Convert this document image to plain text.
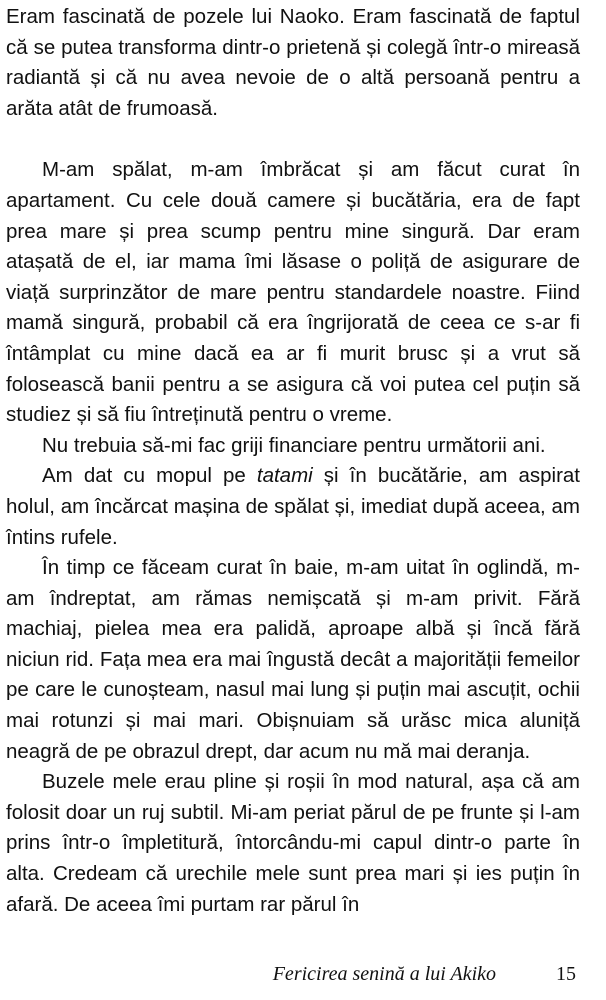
Eram fascinată de pozele lui Naoko. Eram fascinată de faptul că se putea transforma dintr-o prietenă și colegă într-o mireasă radiantă și că nu avea nevoie de o altă persoană pentru a arăta atât de frumoasă.

M-am spălat, m-am îmbrăcat și am făcut curat în apartament. Cu cele două camere și bucătăria, era de fapt prea mare și prea scump pentru mine singură. Dar eram atașată de el, iar mama îmi lăsase o poliță de asigurare de viață surprinzător de mare pentru standardele noastre. Fiind mamă singură, probabil că era îngrijorată de ceea ce s-ar fi întâmplat cu mine dacă ea ar fi murit brusc și a vrut să folosească banii pentru a se asigura că voi putea cel puțin să studiez și să fiu întreținută pentru o vreme.

Nu trebuia să-mi fac griji financiare pentru următorii ani.

Am dat cu mopul pe tatami și în bucătărie, am aspirat holul, am încărcat mașina de spălat și, imediat după aceea, am întins rufele.

În timp ce făceam curat în baie, m-am uitat în oglindă, m-am îndreptat, am rămas nemișcată și m-am privit. Fără machiaj, pielea mea era palidă, aproape albă și încă fără niciun rid. Fața mea era mai îngustă decât a majorității femeilor pe care le cunoșteam, nasul mai lung și puțin mai ascuțit, ochii mai rotunzi și mai mari. Obișnuiam să urăsc mica aluniță neagră de pe obrazul drept, dar acum nu mă mai deranja.

Buzele mele erau pline și roșii în mod natural, așa că am folosit doar un ruj subtil. Mi-am periat părul de pe frunte și l-am prins într-o împletitură, întorcându-mi capul dintr-o parte în alta. Credeam că urechile mele sunt prea mari și ies puțin în afară. De aceea îmi purtam rar părul în

Fericirea senină a lui Akiko	15
